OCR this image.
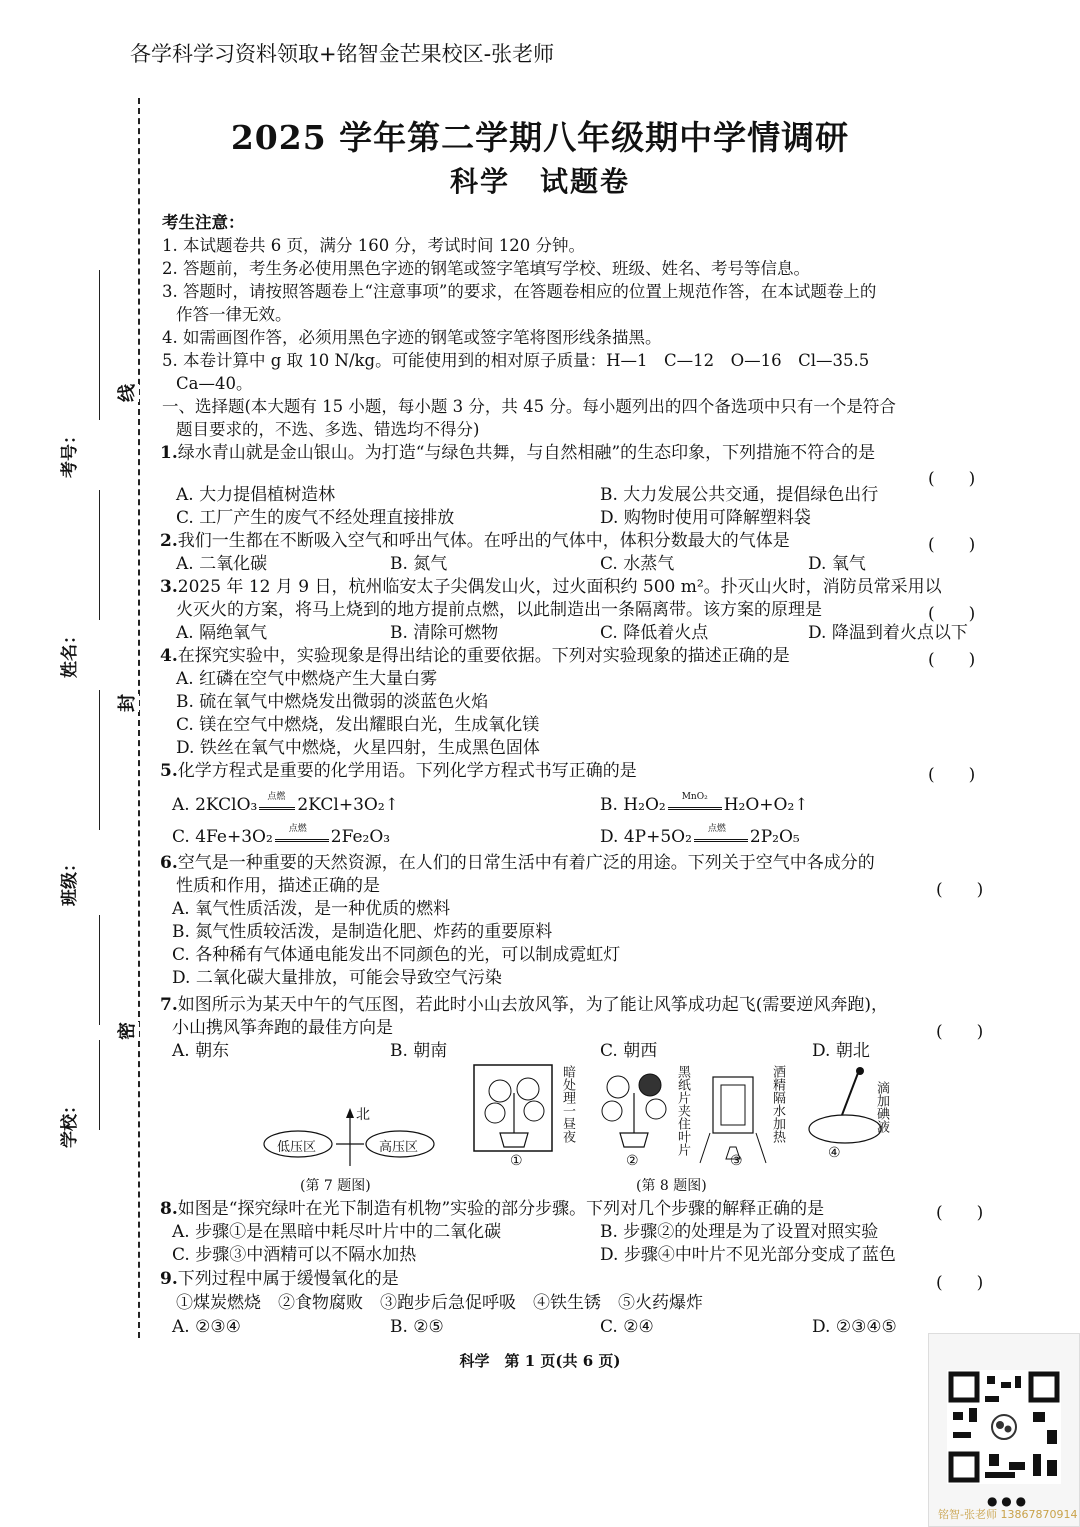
各学科学习资料领取+铭智金芒果校区-张老师
2025 学年第二学期八年级期中学情调研
科学　试题卷
线
封
密
考号：
姓名：
班级：
学校：
考生注意：
1. 本试题卷共 6 页，满分 160 分，考试时间 120 分钟。
2. 答题前，考生务必使用黑色字迹的钢笔或签字笔填写学校、班级、姓名、考号等信息。
3. 答题时，请按照答题卷上“注意事项”的要求，在答题卷相应的位置上规范作答，在本试题卷上的
作答一律无效。
4. 如需画图作答，必须用黑色字迹的钢笔或签字笔将图形线条描黑。
5. 本卷计算中 g 取 10 N/kg。可能使用到的相对原子质量：H—1　C—12　O—16　Cl—35.5
Ca—40。
一、选择题(本大题有 15 小题，每小题 3 分，共 45 分。每小题列出的四个备选项中只有一个是符合
题目要求的，不选、多选、错选均不得分)
1.绿水青山就是金山银山。为打造“与绿色共舞，与自然相融”的生态印象，下列措施不符合的是
(　　)
A. 大力提倡植树造林	B. 大力发展公共交通，提倡绿色出行
C. 工厂产生的废气不经处理直接排放	D. 购物时使用可降解塑料袋
2.我们一生都在不断吸入空气和呼出气体。在呼出的气体中，体积分数最大的气体是	(　　)
A. 二氧化碳	B. 氮气	C. 水蒸气	D. 氧气
3.2025 年 12 月 9 日，杭州临安太子尖偶发山火，过火面积约 500 m²。扑灭山火时，消防员常采用以
火灭火的方案，将马上烧到的地方提前点燃，以此制造出一条隔离带。该方案的原理是	(　　)
A. 隔绝氧气	B. 清除可燃物	C. 降低着火点	D. 降温到着火点以下
4.在探究实验中，实验现象是得出结论的重要依据。下列对实验现象的描述正确的是	(　　)
A. 红磷在空气中燃烧产生大量白雾
B. 硫在氧气中燃烧发出微弱的淡蓝色火焰
C. 镁在空气中燃烧，发出耀眼白光，生成氧化镁
D. 铁丝在氧气中燃烧，火星四射，生成黑色固体
5.化学方程式是重要的化学用语。下列化学方程式书写正确的是	(　　)
A. 2KClO₃ 点燃 2KCl+3O₂↑	B. H₂O₂ MnO₂ H₂O+O₂↑
C. 4Fe+3O₂ 点燃 2Fe₂O₃	D. 4P+5O₂ 点燃 2P₂O₅
6.空气是一种重要的天然资源，在人们的日常生活中有着广泛的用途。下列关于空气中各成分的
性质和作用，描述正确的是	(　　)
A. 氧气性质活泼，是一种优质的燃料
B. 氮气性质较活泼，是制造化肥、炸药的重要原料
C. 各种稀有气体通电能发出不同颜色的光，可以制成霓虹灯
D. 二氧化碳大量排放，可能会导致空气污染
7.如图所示为某天中午的气压图，若此时小山去放风筝，为了能让风筝成功起飞(需要逆风奔跑)，
小山携风筝奔跑的最佳方向是	(　　)
A. 朝东	B. 朝南	C. 朝西	D. 朝北
北
低压区	高压区
(第 7 题图)
暗处理一昼夜	黑纸片夹住叶片	酒精隔水加热	滴加碘液
①	②	③	④
(第 8 题图)
8.如图是“探究绿叶在光下制造有机物”实验的部分步骤。下列对几个步骤的解释正确的是	(　　)
A. 步骤①是在黑暗中耗尽叶片中的二氧化碳	B. 步骤②的处理是为了设置对照实验
C. 步骤③中酒精可以不隔水加热	D. 步骤④中叶片不见光部分变成了蓝色
9.下列过程中属于缓慢氧化的是	(　　)
①煤炭燃烧　②食物腐败　③跑步后急促呼吸　④铁生锈　⑤火药爆炸
A. ②③④	B. ②⑤	C. ②④	D. ②③④⑤
科学　第 1 页(共 6 页)
● ● ●
铭智-张老师 13867870914
